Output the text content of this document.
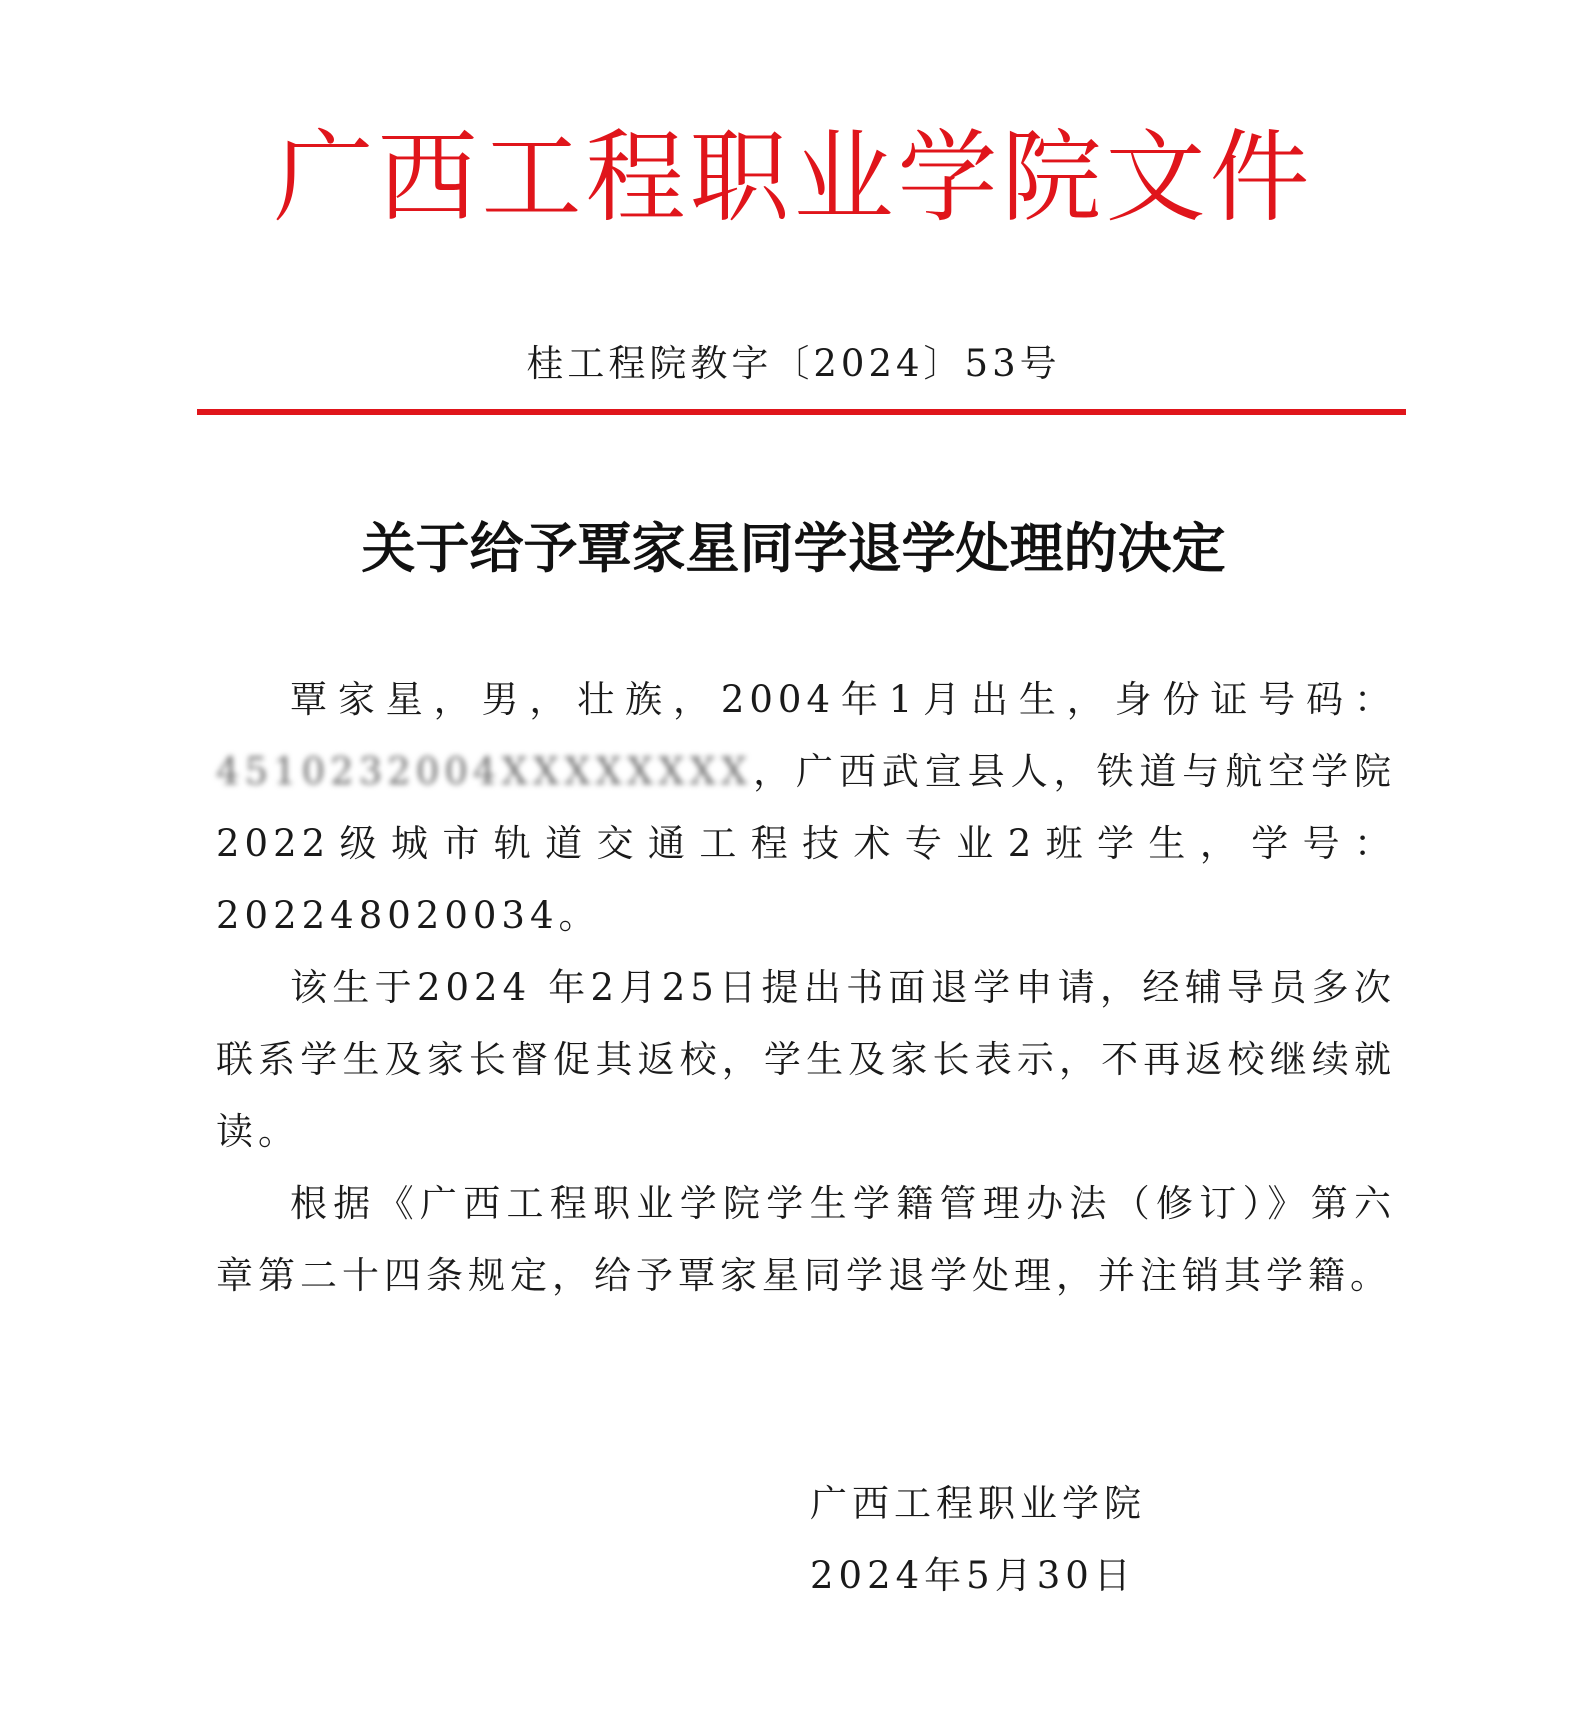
广西工程职业学院文件
桂工程院教字〔2024〕53号
关于给予覃家星同学退学处理的决定

覃家星，男，壮族，2004年1月出生，身份证号码：4510232004XXXXXXXX，广西武宣县人，铁道与航空学院2022级城市轨道交通工程技术专业2班学生，学号：202248020034。

该生于2024 年2月25日提出书面退学申请，经辅导员多次联系学生及家长督促其返校，学生及家长表示，不再返校继续就读。

根据《广西工程职业学院学生学籍管理办法（修订）》第六章第二十四条规定，给予覃家星同学退学处理，并注销其学籍。

广西工程职业学院
2024年5月30日
